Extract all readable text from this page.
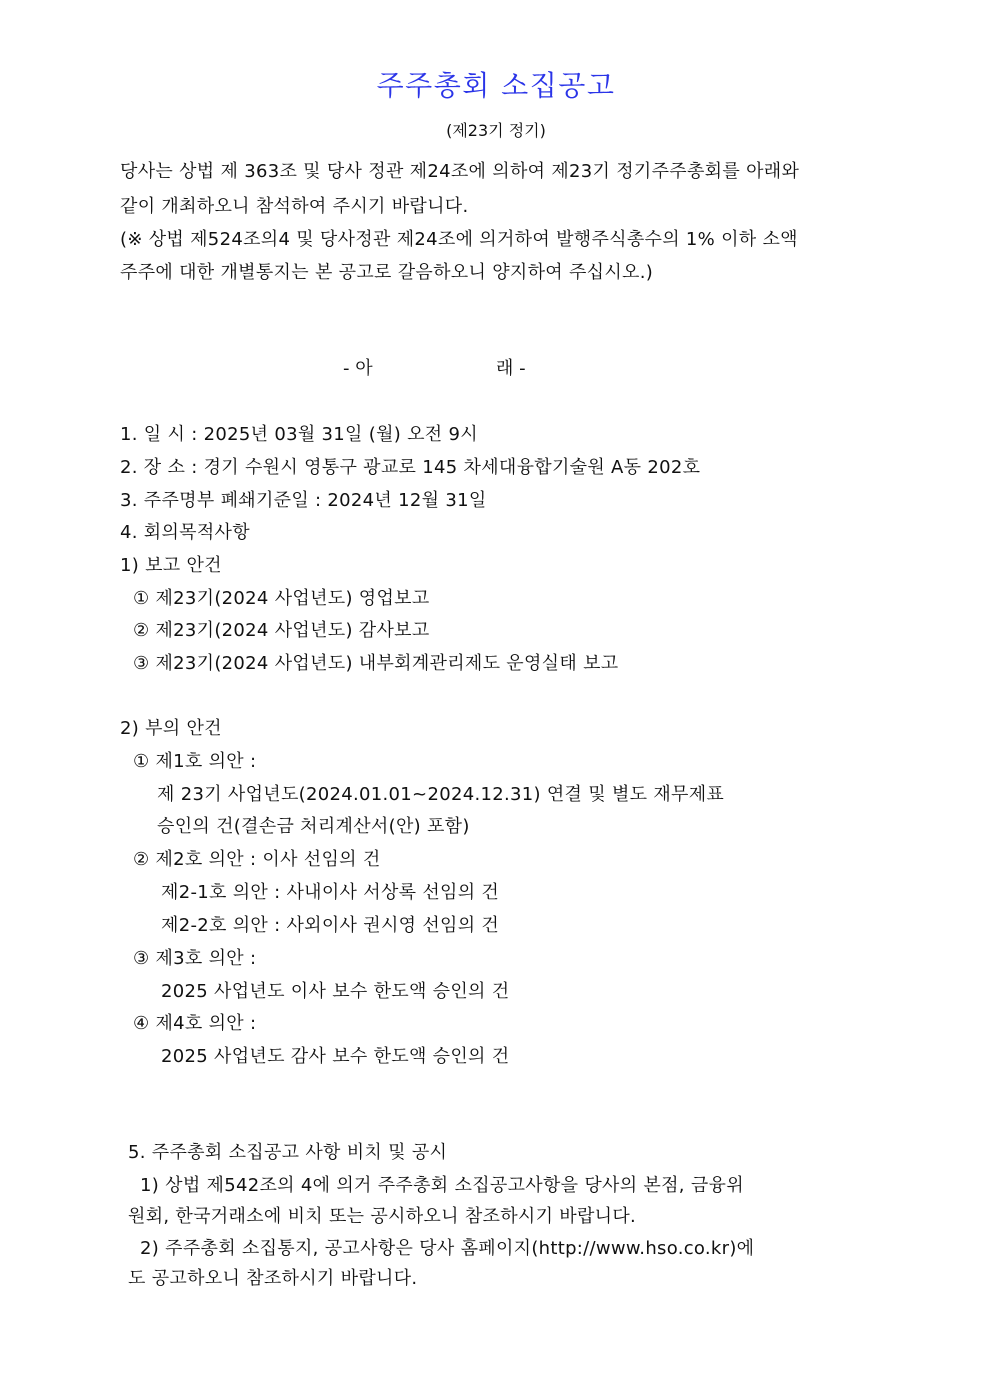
주주총회 소집공고
(제23기 정기)
당사는 상법 제 363조 및 당사 정관 제24조에 의하여 제23기 정기주주총회를 아래와
같이 개최하오니 참석하여 주시기 바랍니다.
(※ 상법 제524조의4 및 당사정관 제24조에 의거하여 발행주식총수의 1% 이하 소액
주주에 대한 개별통지는 본 공고로 갈음하오니 양지하여 주십시오.)
- 아	래 -
1. 일 시 : 2025년 03월 31일 (월) 오전 9시
2. 장 소 : 경기 수원시 영통구 광교로 145 차세대융합기술원 A동 202호
3. 주주명부 폐쇄기준일 : 2024년 12월 31일
4. 회의목적사항
1) 보고 안건
① 제23기(2024 사업년도) 영업보고
② 제23기(2024 사업년도) 감사보고
③ 제23기(2024 사업년도) 내부회계관리제도 운영실태 보고
2) 부의 안건
① 제1호 의안 :
제 23기 사업년도(2024.01.01~2024.12.31) 연결 및 별도 재무제표
승인의 건(결손금 처리계산서(안) 포함)
② 제2호 의안 : 이사 선임의 건
제2-1호 의안 : 사내이사 서상록 선임의 건
제2-2호 의안 : 사외이사 권시영 선임의 건
③ 제3호 의안 :
2025 사업년도 이사 보수 한도액 승인의 건
④ 제4호 의안 :
2025 사업년도 감사 보수 한도액 승인의 건
5. 주주총회 소집공고 사항 비치 및 공시
1) 상법 제542조의 4에 의거 주주총회 소집공고사항을 당사의 본점, 금융위
원회, 한국거래소에 비치 또는 공시하오니 참조하시기 바랍니다.
2) 주주총회 소집통지, 공고사항은 당사 홈페이지(http://www.hso.co.kr)에
도 공고하오니 참조하시기 바랍니다.
